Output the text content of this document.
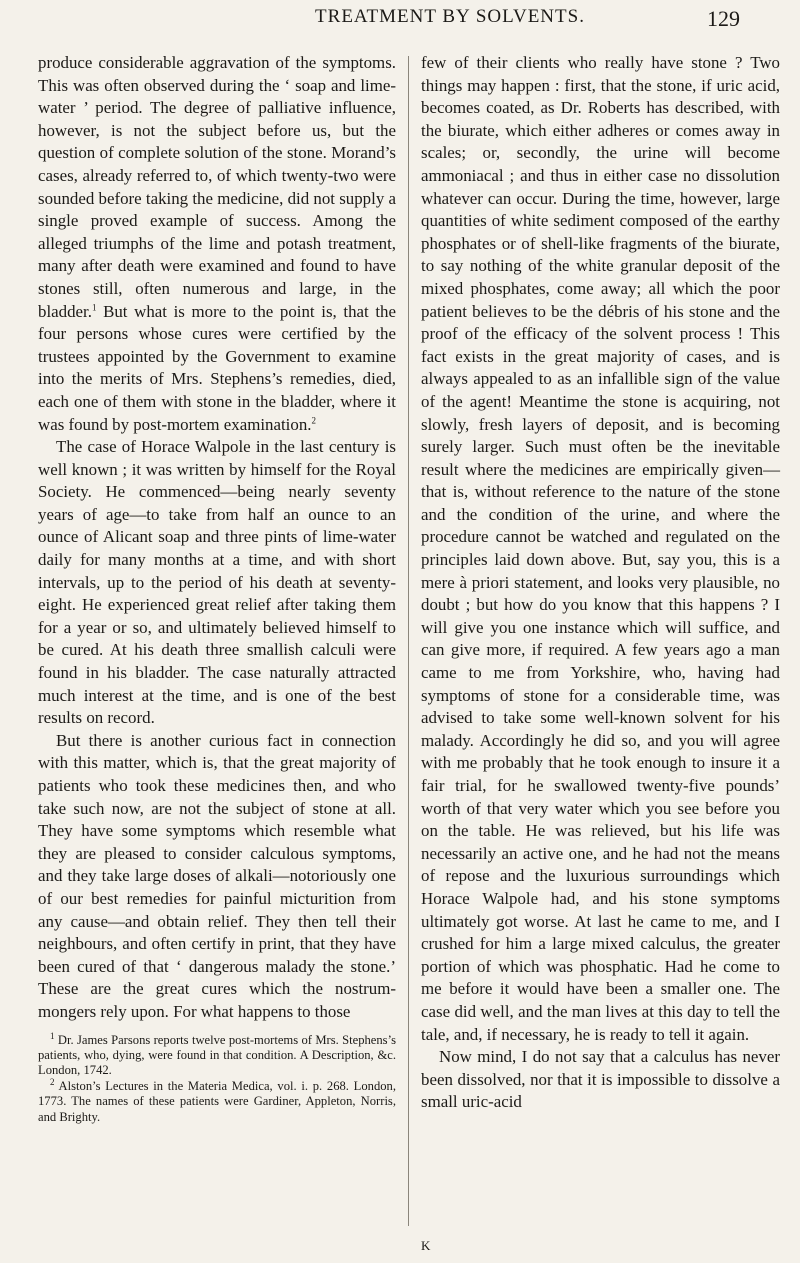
TREATMENT BY SOLVENTS.	129

produce considerable aggravation of the symptoms. This was often observed during the ‘ soap and lime-water ’ period. The degree of palliative influence, however, is not the subject before us, but the question of complete solution of the stone. Morand’s cases, already referred to, of which twenty-two were sounded before taking the medicine, did not supply a single proved example of success. Among the alleged triumphs of the lime and potash treatment, many after death were examined and found to have stones still, often numerous and large, in the bladder.$^1$ But what is more to the point is, that the four persons whose cures were certified by the trustees appointed by the Government to examine into the merits of Mrs. Stephens’s remedies, died, each one of them with stone in the bladder, where it was found by post-mortem examination.$^2$

The case of Horace Walpole in the last century is well known ; it was written by himself for the Royal Society. He commenced—being nearly seventy years of age—to take from half an ounce to an ounce of Alicant soap and three pints of lime-water daily for many months at a time, and with short intervals, up to the period of his death at seventy-eight. He experienced great relief after taking them for a year or so, and ultimately believed himself to be cured. At his death three smallish calculi were found in his bladder. The case naturally attracted much interest at the time, and is one of the best results on record.

But there is another curious fact in connection with this matter, which is, that the great majority of patients who took these medicines then, and who take such now, are not the subject of stone at all. They have some symptoms which resemble what they are pleased to consider calculous symptoms, and they take large doses of alkali—notoriously one of our best remedies for painful micturition from any cause—and obtain relief. They then tell their neighbours, and often certify in print, that they have been cured of that ‘ dangerous malady the stone.’ These are the great cures which the nostrum-mongers rely upon. For what happens to those

$^1$ Dr. James Parsons reports twelve post-mortems of Mrs. Stephens’s patients, who, dying, were found in that condition. A Description, &c. London, 1742.

$^2$ Alston’s Lectures in the Materia Medica, vol. i. p. 268. London, 1773. The names of these patients were Gardiner, Appleton, Norris, and Brighty.

few of their clients who really have stone ? Two things may happen : first, that the stone, if uric acid, becomes coated, as Dr. Roberts has described, with the biurate, which either adheres or comes away in scales; or, secondly, the urine will become ammoniacal ; and thus in either case no dissolution whatever can occur. During the time, however, large quantities of white sediment composed of the earthy phosphates or of shell-like fragments of the biurate, to say nothing of the white granular deposit of the mixed phosphates, come away; all which the poor patient believes to be the débris of his stone and the proof of the efficacy of the solvent process ! This fact exists in the great majority of cases, and is always appealed to as an infallible sign of the value of the agent! Meantime the stone is acquiring, not slowly, fresh layers of deposit, and is becoming surely larger. Such must often be the inevitable result where the medicines are empirically given—that is, without reference to the nature of the stone and the condition of the urine, and where the procedure cannot be watched and regulated on the principles laid down above. But, say you, this is a mere à priori statement, and looks very plausible, no doubt ; but how do you know that this happens ? I will give you one instance which will suffice, and can give more, if required. A few years ago a man came to me from Yorkshire, who, having had symptoms of stone for a considerable time, was advised to take some well-known solvent for his malady. Accordingly he did so, and you will agree with me probably that he took enough to insure it a fair trial, for he swallowed twenty-five pounds’ worth of that very water which you see before you on the table. He was relieved, but his life was necessarily an active one, and he had not the means of repose and the luxurious surroundings which Horace Walpole had, and his stone symptoms ultimately got worse. At last he came to me, and I crushed for him a large mixed calculus, the greater portion of which was phosphatic. Had he come to me before it would have been a smaller one. The case did well, and the man lives at this day to tell the tale, and, if necessary, he is ready to tell it again.

Now mind, I do not say that a calculus has never been dissolved, nor that it is impossible to dissolve a small uric-acid

K
